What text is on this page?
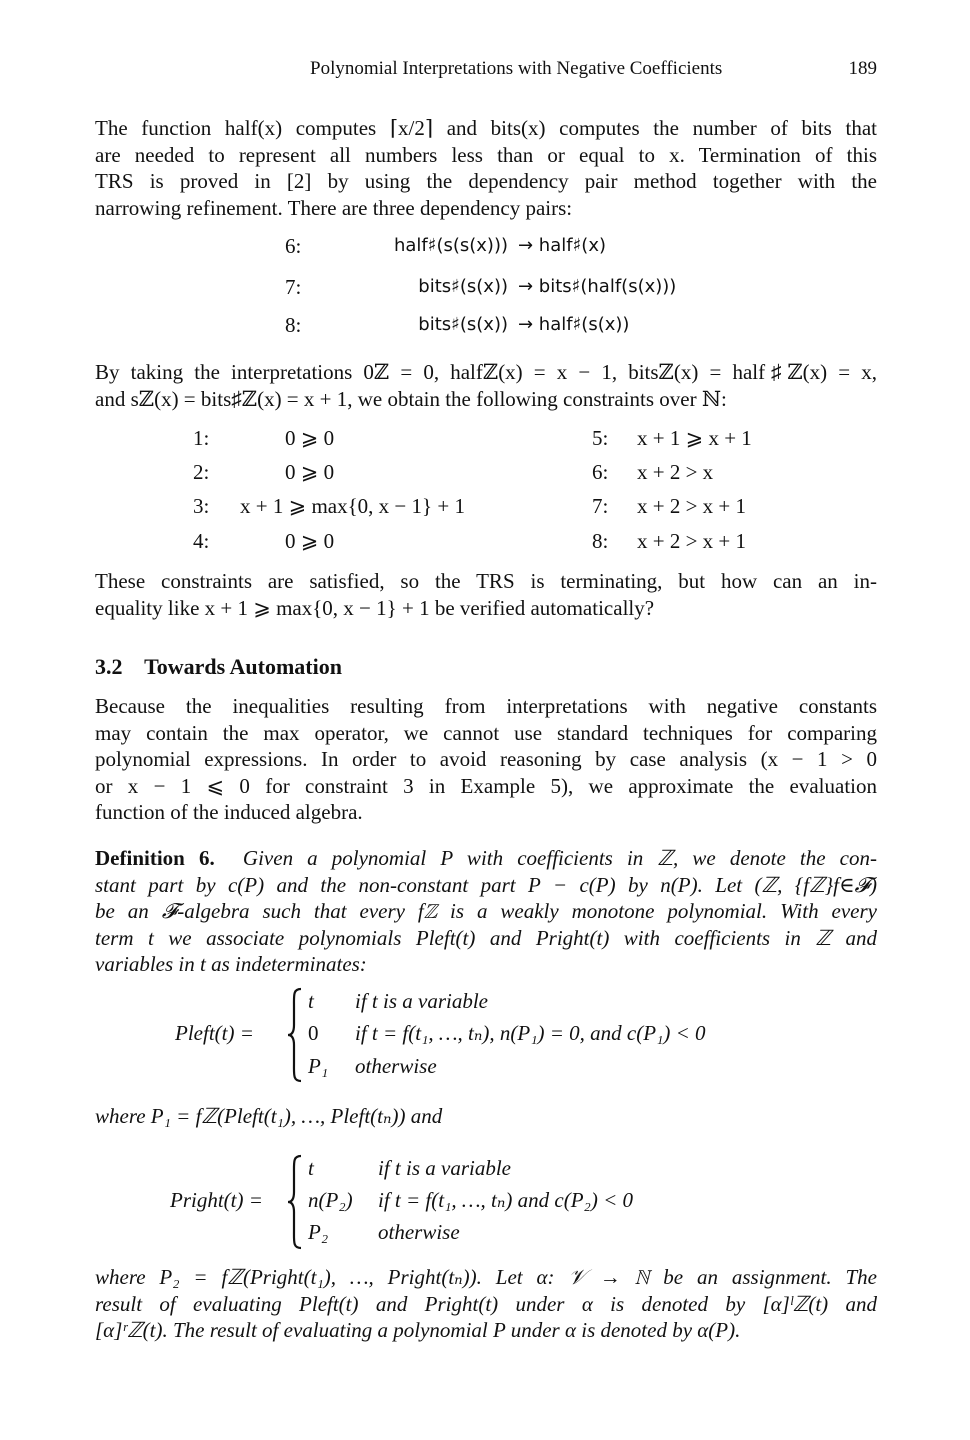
Polynomial Interpretations with Negative Coefficients	189
The function half(x) computes ⌈x/2⌉ and bits(x) computes the number of bits that
are needed to represent all numbers less than or equal to x. Termination of this
TRS is proved in [2] by using the dependency pair method together with the
narrowing refinement. There are three dependency pairs:
6:	half♯(s(s(x))) → half♯(x)
7:	bits♯(s(x)) → bits♯(half(s(x)))
8:	bits♯(s(x)) → half♯(s(x))
By taking the interpretations 0ℤ = 0, halfℤ(x) = x − 1, bitsℤ(x) = half♯ℤ(x) = x,
and sℤ(x) = bits♯ℤ(x) = x + 1, we obtain the following constraints over ℕ:
1:	0 ⩾ 0
2:	0 ⩾ 0
3: x + 1 ⩾ max{0, x − 1} + 1
4:	0 ⩾ 0
5: x + 1 ⩾ x + 1
6: x + 2 > x
7: x + 2 > x + 1
8: x + 2 > x + 1
These constraints are satisfied, so the TRS is terminating, but how can an in-
equality like x + 1 ⩾ max{0, x − 1} + 1 be verified automatically?
3.2 Towards Automation
Because the inequalities resulting from interpretations with negative constants
may contain the max operator, we cannot use standard techniques for comparing
polynomial expressions. In order to avoid reasoning by case analysis (x − 1 > 0
or x − 1 ⩽ 0 for constraint 3 in Example 5), we approximate the evaluation
function of the induced algebra.
Definition 6. Given a polynomial P with coefficients in ℤ, we denote the con-
stant part by c(P) and the non-constant part P − c(P) by n(P). Let (ℤ, {fℤ}f∈𝓕)
be an 𝓕-algebra such that every fℤ is a weakly monotone polynomial. With every
term t we associate polynomials Pleft(t) and Pright(t) with coefficients in ℤ and
variables in t as indeterminates:
Pleft(t) =
t if t is a variable
0 if t = f(t₁, …, tₙ), n(P₁) = 0, and c(P₁) < 0
P₁ otherwise
where P₁ = fℤ(Pleft(t₁), …, Pleft(tₙ)) and
Pright(t) =
t	if t is a variable
n(P₂) if t = f(t₁, …, tₙ) and c(P₂) < 0
P₂ otherwise
where P₂ = fℤ(Pright(t₁), …, Pright(tₙ)). Let α: 𝒱 → ℕ be an assignment. The
result of evaluating Pleft(t) and Pright(t) under α is denoted by [α]ˡℤ(t) and
[α]ʳℤ(t). The result of evaluating a polynomial P under α is denoted by α(P).
